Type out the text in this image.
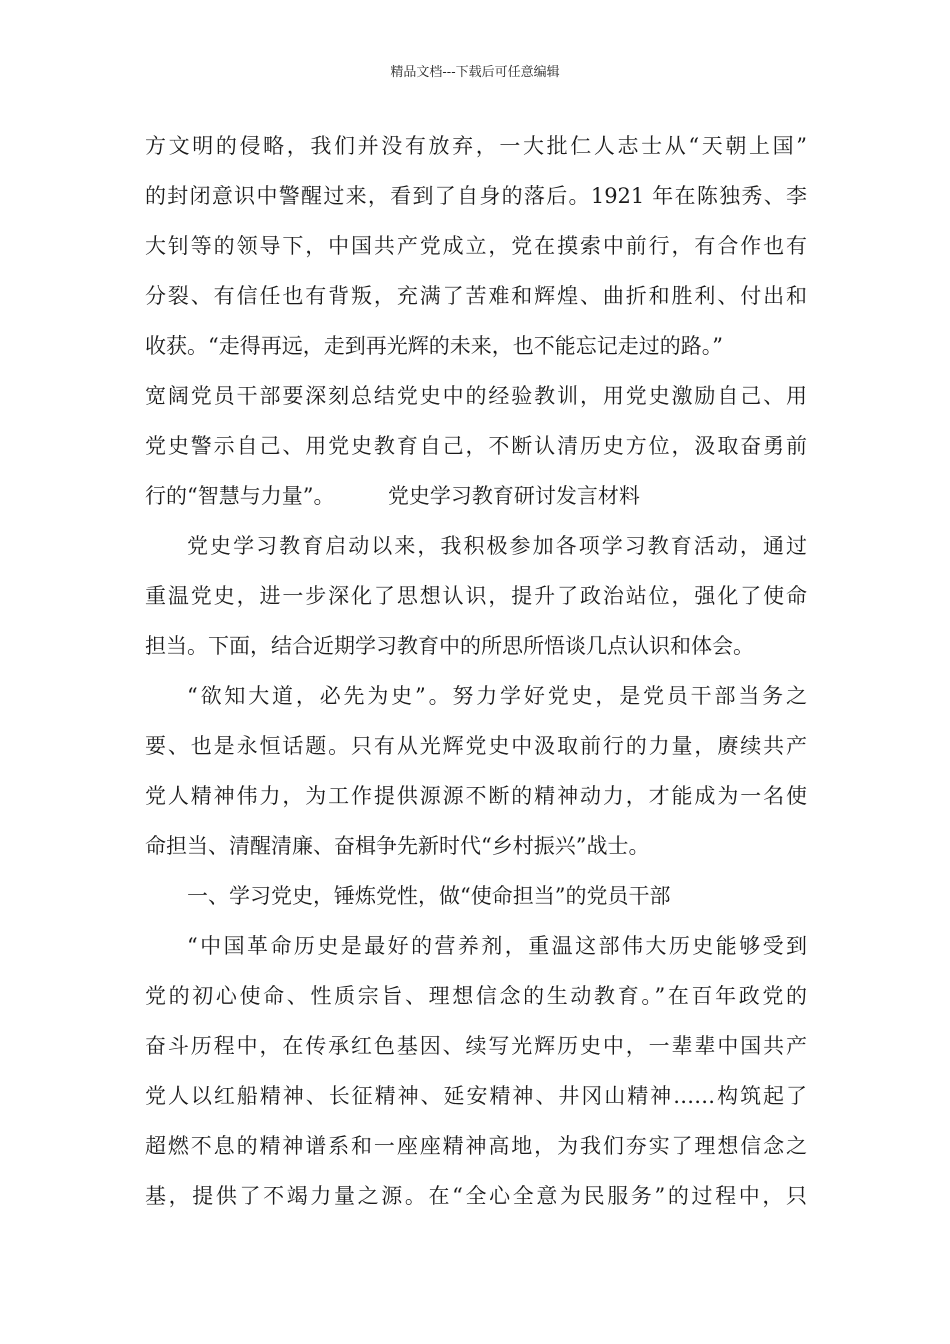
精品文档---下载后可任意编辑
方文明的侵略，我们并没有放弃，一大批仁人志士从“天朝上国”
的封闭意识中警醒过来，看到了自身的落后。1921 年在陈独秀、李
大钊等的领导下，中国共产党成立，党在摸索中前行，有合作也有
分裂、有信任也有背叛，充满了苦难和辉煌、曲折和胜利、付出和
收获。“走得再远，走到再光辉的未来，也不能忘记走过的路。”
宽阔党员干部要深刻总结党史中的经验教训，用党史激励自己、用
党史警示自己、用党史教育自己，不断认清历史方位，汲取奋勇前
行的“智慧与力量”。        党史学习教育研讨发言材料
党史学习教育启动以来，我积极参加各项学习教育活动，通过
重温党史，进一步深化了思想认识，提升了政治站位，强化了使命
担当。下面，结合近期学习教育中的所思所悟谈几点认识和体会。
“欲知大道，必先为史”。努力学好党史，是党员干部当务之
要、也是永恒话题。只有从光辉党史中汲取前行的力量，赓续共产
党人精神伟力，为工作提供源源不断的精神动力，才能成为一名使
命担当、清醒清廉、奋楫争先新时代“乡村振兴”战士。
一、学习党史，锤炼党性，做“使命担当”的党员干部
“中国革命历史是最好的营养剂，重温这部伟大历史能够受到
党的初心使命、性质宗旨、理想信念的生动教育。”在百年政党的
奋斗历程中，在传承红色基因、续写光辉历史中，一辈辈中国共产
党人以红船精神、长征精神、延安精神、井冈山精神……构筑起了
超燃不息的精神谱系和一座座精神高地，为我们夯实了理想信念之
基，提供了不竭力量之源。在“全心全意为民服务”的过程中，只
